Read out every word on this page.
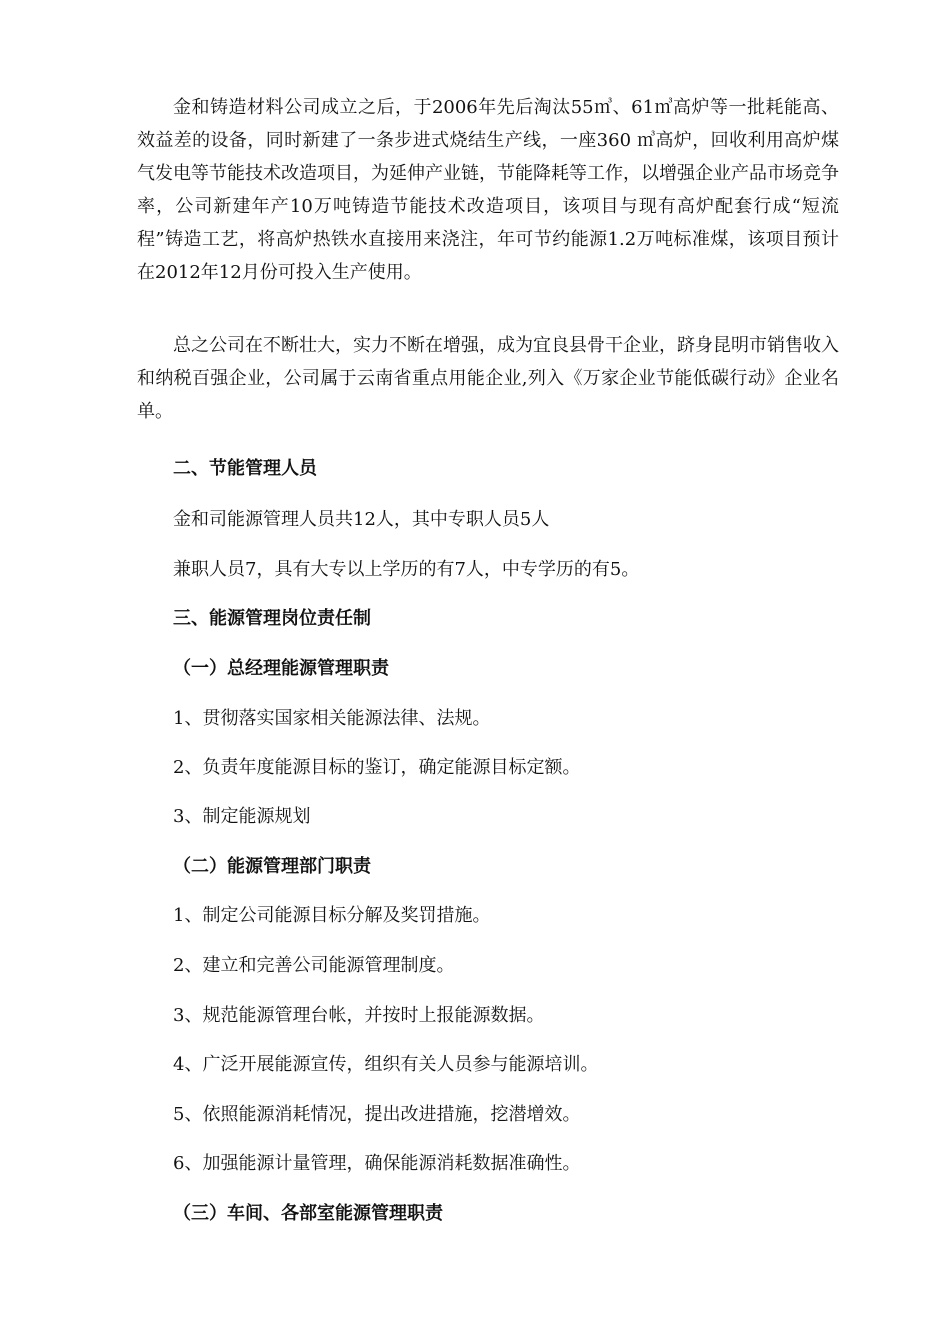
金和铸造材料公司成立之后，于2006年先后淘汰55㎥、61㎥高炉等一批耗能高、效益差的设备，同时新建了一条步进式烧结生产线，一座360 ㎥高炉，回收利用高炉煤气发电等节能技术改造项目，为延伸产业链，节能降耗等工作，以增强企业产品市场竞争率，公司新建年产10万吨铸造节能技术改造项目，该项目与现有高炉配套行成“短流程”铸造工艺，将高炉热铁水直接用来浇注，年可节约能源1.2万吨标准煤，该项目预计在2012年12月份可投入生产使用。

总之公司在不断壮大，实力不断在增强，成为宜良县骨干企业，跻身昆明市销售收入和纳税百强企业，公司属于云南省重点用能企业,列入《万家企业节能低碳行动》企业名单。

二、节能管理人员

金和司能源管理人员共12人，其中专职人员5人

兼职人员7，具有大专以上学历的有7人，中专学历的有5。

三、能源管理岗位责任制

（一）总经理能源管理职责

1、贯彻落实国家相关能源法律、法规。

2、负责年度能源目标的鉴订，确定能源目标定额。

3、制定能源规划

（二）能源管理部门职责

1、制定公司能源目标分解及奖罚措施。

2、建立和完善公司能源管理制度。

3、规范能源管理台帐，并按时上报能源数据。

4、广泛开展能源宣传，组织有关人员参与能源培训。

5、依照能源消耗情况，提出改进措施，挖潜增效。

6、加强能源计量管理，确保能源消耗数据准确性。

（三）车间、各部室能源管理职责
